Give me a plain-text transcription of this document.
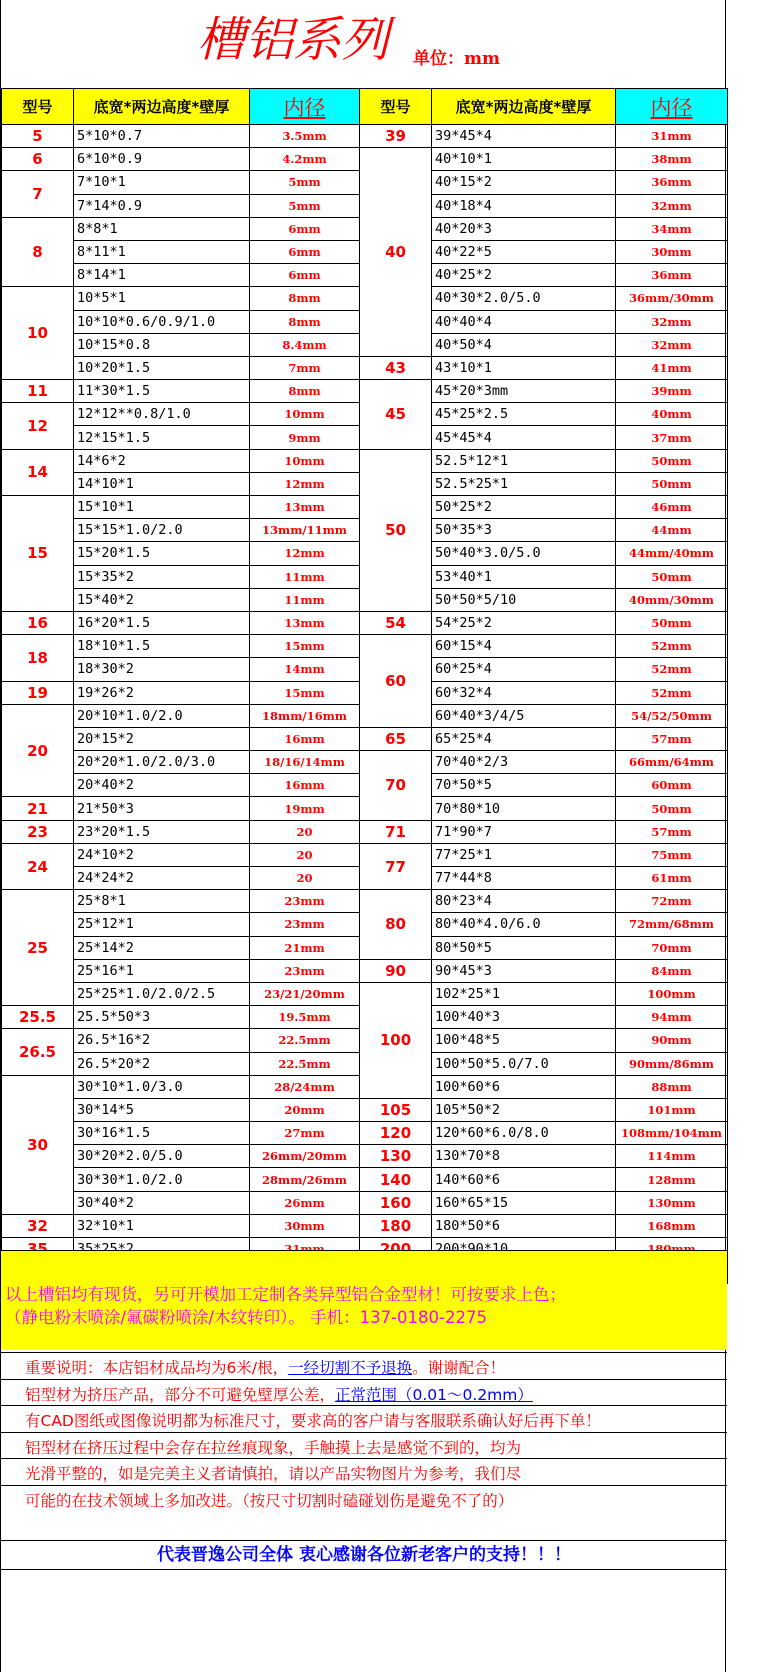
槽铝系列 单位：mm
型号	底宽*两边高度*壁厚	内径	型号	底宽*两边高度*壁厚	内径
5	5*10*0.7	3.5mm	39	39*45*4	31mm
6	6*10*0.9	4.2mm	40	40*10*1	38mm
7	7*10*1	5mm		40*15*2	36mm
	7*14*0.9	5mm		40*18*4	32mm
8	8*8*1	6mm		40*20*3	34mm
	8*11*1	6mm		40*22*5	30mm
	8*14*1	6mm		40*25*2	36mm
10	10*5*1	8mm		40*30*2.0/5.0	36mm/30mm
	10*10*0.6/0.9/1.0	8mm		40*40*4	32mm
	10*15*0.8	8.4mm		40*50*4	32mm
	10*20*1.5	7mm	43	43*10*1	41mm
11	11*30*1.5	8mm	45	45*20*3mm	39mm
12	12*12**0.8/1.0	10mm		45*25*2.5	40mm
	12*15*1.5	9mm		45*45*4	37mm
14	14*6*2	10mm	50	52.5*12*1	50mm
	14*10*1	12mm		52.5*25*1	50mm
15	15*10*1	13mm		50*25*2	46mm
	15*15*1.0/2.0	13mm/11mm		50*35*3	44mm
	15*20*1.5	12mm		50*40*3.0/5.0	44mm/40mm
	15*35*2	11mm		53*40*1	50mm
	15*40*2	11mm		50*50*5/10	40mm/30mm
16	16*20*1.5	13mm	54	54*25*2	50mm
18	18*10*1.5	15mm	60	60*15*4	52mm
	18*30*2	14mm		60*25*4	52mm
19	19*26*2	15mm		60*32*4	52mm
20	20*10*1.0/2.0	18mm/16mm		60*40*3/4/5	54/52/50mm
	20*15*2	16mm	65	65*25*4	57mm
	20*20*1.0/2.0/3.0	18/16/14mm	70	70*40*2/3	66mm/64mm
	20*40*2	16mm		70*50*5	60mm
21	21*50*3	19mm		70*80*10	50mm
23	23*20*1.5	20	71	71*90*7	57mm
24	24*10*2	20	77	77*25*1	75mm
	24*24*2	20		77*44*8	61mm
25	25*8*1	23mm	80	80*23*4	72mm
	25*12*1	23mm		80*40*4.0/6.0	72mm/68mm
	25*14*2	21mm		80*50*5	70mm
	25*16*1	23mm	90	90*45*3	84mm
	25*25*1.0/2.0/2.5	23/21/20mm	100	102*25*1	100mm
25.5	25.5*50*3	19.5mm		100*40*3	94mm
26.5	26.5*16*2	22.5mm		100*48*5	90mm
	26.5*20*2	22.5mm		100*50*5.0/7.0	90mm/86mm
30	30*10*1.0/3.0	28/24mm		100*60*6	88mm
	30*14*5	20mm	105	105*50*2	101mm
	30*16*1.5	27mm	120	120*60*6.0/8.0	108mm/104mm
	30*20*2.0/5.0	26mm/20mm	130	130*70*8	114mm
	30*30*1.0/2.0	28mm/26mm	140	140*60*6	128mm
	30*40*2	26mm	160	160*65*15	130mm
32	32*10*1	30mm	180	180*50*6	168mm

以上槽铝均有现货，另可开模加工定制各类异型铝合金型材！可按要求上色；
（静电粉末喷涂/氟碳粉喷涂/木纹转印）。 手机：137-0180-2275
重要说明：本店铝材成品均为6米/根，一经切割不予退换。谢谢配合！
铝型材为挤压产品，部分不可避免壁厚公差，正常范围（0.01～0.2mm）
有CAD图纸或图像说明都为标准尺寸，要求高的客户请与客服联系确认好后再下单！
铝型材在挤压过程中会存在拉丝痕现象，手触摸上去是感觉不到的，均为
光滑平整的，如是完美主义者请慎拍，请以产品实物图片为参考，我们尽
可能的在技术领域上多加改进。（按尺寸切割时磕碰划伤是避免不了的）
代表晋逸公司全体 衷心感谢各位新老客户的支持！！！
